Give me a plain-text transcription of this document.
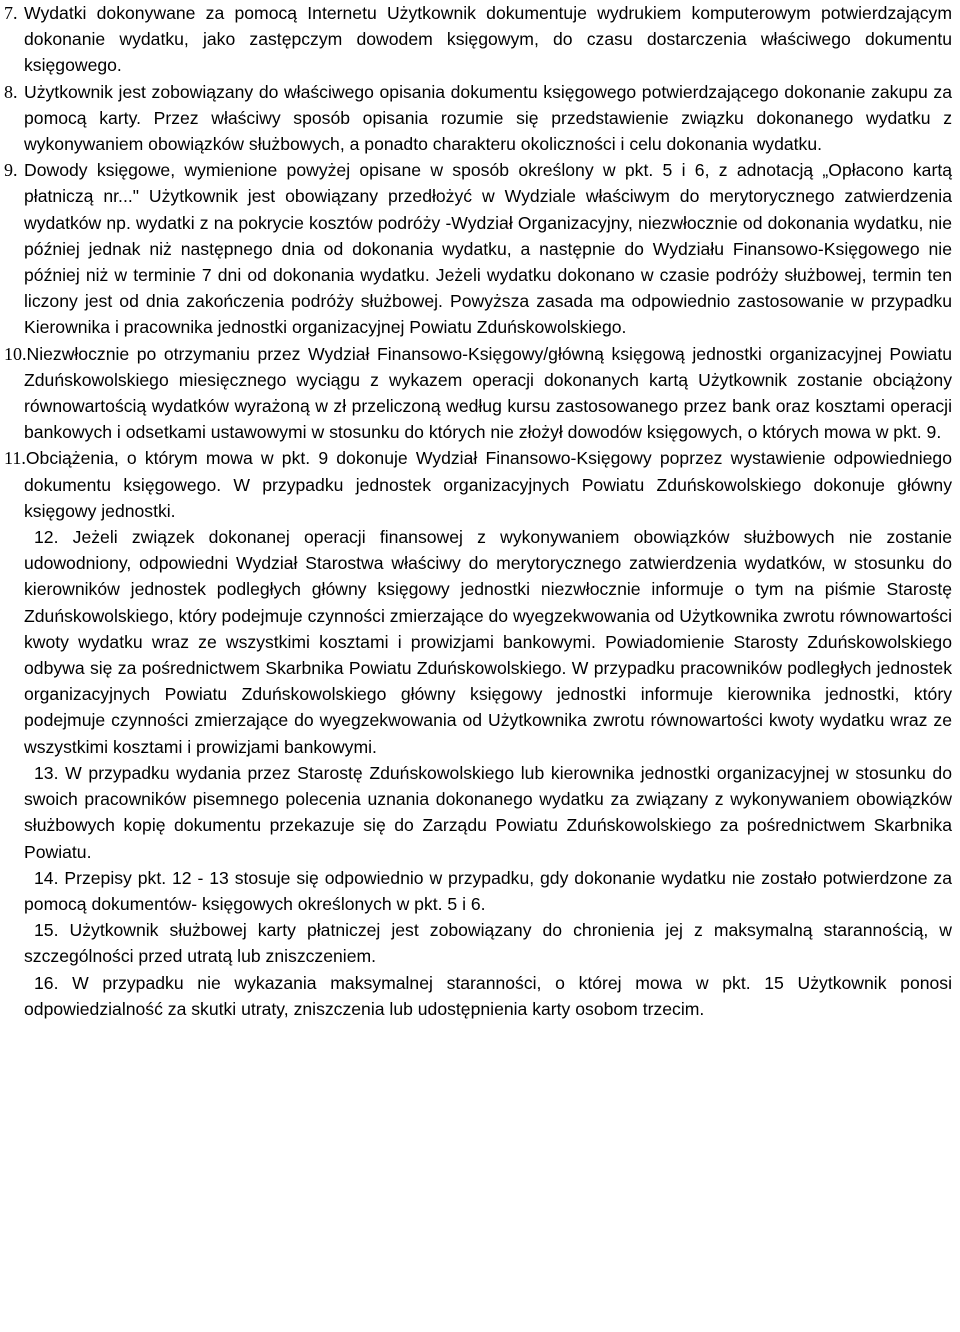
7. Wydatki dokonywane za pomocą Internetu Użytkownik dokumentuje wydrukiem komputerowym potwierdzającym dokonanie wydatku, jako zastępczym dowodem księgowym, do czasu dostarczenia właściwego dokumentu księgowego.

8. Użytkownik jest zobowiązany do właściwego opisania dokumentu księgowego potwierdzającego dokonanie zakupu za pomocą karty. Przez właściwy sposób opisania rozumie się przedstawienie związku dokonanego wydatku z wykonywaniem obowiązków służbowych, a ponadto charakteru okoliczności i celu dokonania wydatku.

9. Dowody księgowe, wymienione powyżej opisane w sposób określony w pkt. 5 i 6, z adnotacją „Opłacono kartą płatniczą nr..." Użytkownik jest obowiązany przedłożyć w Wydziale właściwym do merytorycznego zatwierdzenia wydatków np. wydatki z na pokrycie kosztów podróży -Wydział Organizacyjny, niezwłocznie od dokonania wydatku, nie później jednak niż następnego dnia od dokonania wydatku, a następnie do Wydziału Finansowo-Księgowego nie później niż w terminie 7 dni od dokonania wydatku. Jeżeli wydatku dokonano w czasie podróży służbowej, termin ten liczony jest od dnia zakończenia podróży służbowej. Powyższa zasada ma odpowiednio zastosowanie w przypadku Kierownika i pracownika jednostki organizacyjnej Powiatu Zduńskowolskiego.

10.Niezwłocznie po otrzymaniu przez Wydział Finansowo-Księgowy/główną księgową jednostki organizacyjnej Powiatu Zduńskowolskiego miesięcznego wyciągu z wykazem operacji dokonanych kartą Użytkownik zostanie obciążony równowartością wydatków wyrażoną w zł przeliczoną według kursu zastosowanego przez bank oraz kosztami operacji bankowych i odsetkami ustawowymi w stosunku do których nie złożył dowodów księgowych, o których mowa w pkt. 9.

11.Obciążenia, o którym mowa w pkt. 9 dokonuje Wydział Finansowo-Księgowy poprzez wystawienie odpowiedniego dokumentu księgowego. W przypadku jednostek organizacyjnych Powiatu Zduńskowolskiego dokonuje główny księgowy jednostki.

12. Jeżeli związek dokonanej operacji finansowej z wykonywaniem obowiązków służbowych nie zostanie udowodniony, odpowiedni Wydział Starostwa właściwy do merytorycznego zatwierdzenia wydatków, w stosunku do kierowników jednostek podległych główny księgowy jednostki niezwłocznie informuje o tym na piśmie Starostę Zduńskowolskiego, który podejmuje czynności zmierzające do wyegzekwowania od Użytkownika zwrotu równowartości kwoty wydatku wraz ze wszystkimi kosztami i prowizjami bankowymi. Powiadomienie Starosty Zduńskowolskiego odbywa się za pośrednictwem Skarbnika Powiatu Zduńskowolskiego. W przypadku pracowników podległych jednostek organizacyjnych Powiatu Zduńskowolskiego główny księgowy jednostki informuje kierownika jednostki, który podejmuje czynności zmierzające do wyegzekwowania od Użytkownika zwrotu równowartości kwoty wydatku wraz ze wszystkimi kosztami i prowizjami bankowymi.

13. W przypadku wydania przez Starostę Zduńskowolskiego lub kierownika jednostki organizacyjnej w stosunku do swoich pracowników pisemnego polecenia uznania dokonanego wydatku za związany z wykonywaniem obowiązków służbowych kopię dokumentu przekazuje się do Zarządu Powiatu Zduńskowolskiego za pośrednictwem Skarbnika Powiatu.

14. Przepisy pkt. 12 - 13 stosuje się odpowiednio w przypadku, gdy dokonanie wydatku nie zostało potwierdzone za pomocą dokumentów- księgowych określonych w pkt. 5 i 6.

15. Użytkownik służbowej karty płatniczej jest zobowiązany do chronienia jej z maksymalną starannością, w szczególności przed utratą lub zniszczeniem.

16. W przypadku nie wykazania maksymalnej staranności, o której mowa w pkt. 15 Użytkownik ponosi odpowiedzialność za skutki utraty, zniszczenia lub udostępnienia karty osobom trzecim.
